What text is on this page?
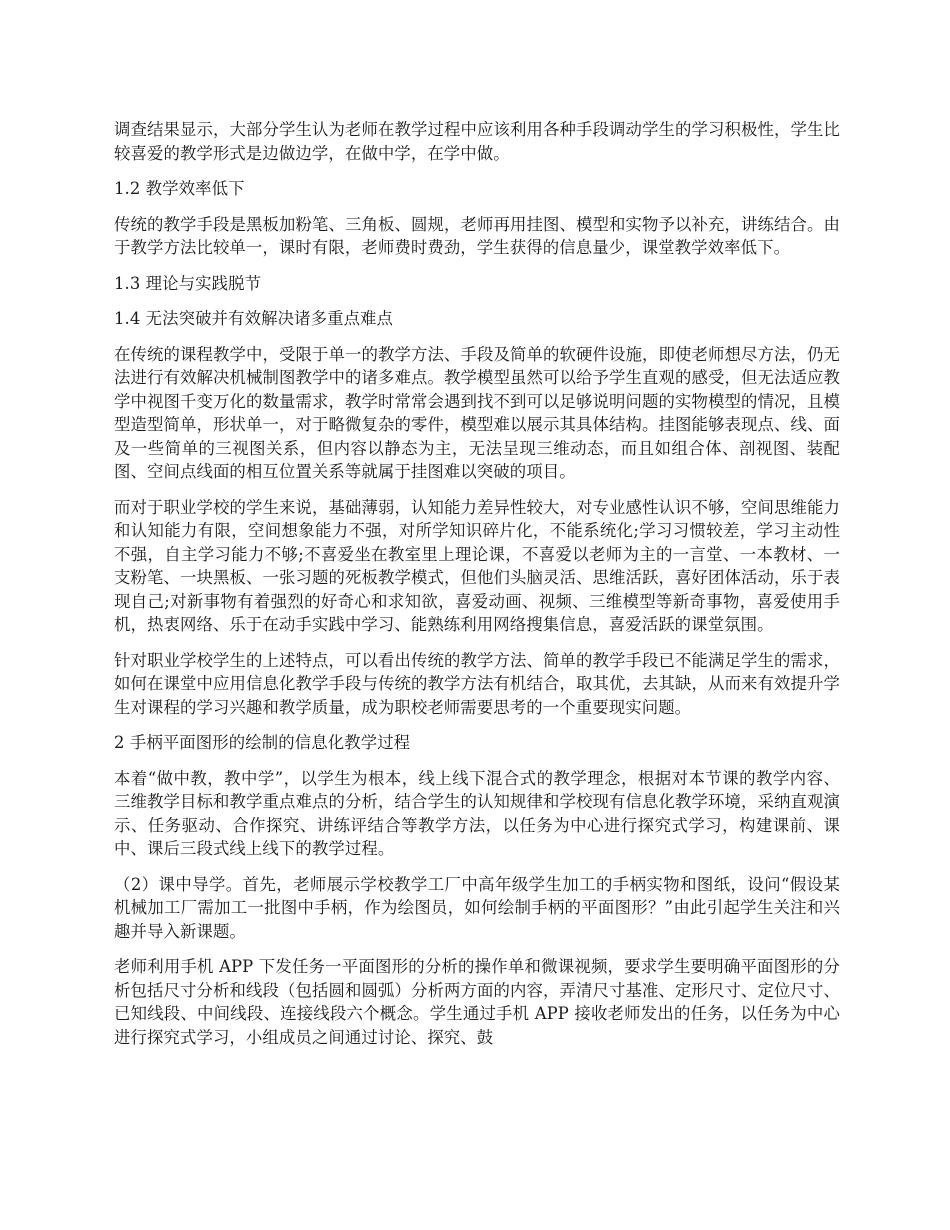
调查结果显示，大部分学生认为老师在教学过程中应该利用各种手段调动学生的学习积极性，学生比较喜爱的教学形式是边做边学，在做中学，在学中做。

1.2 教学效率低下

传统的教学手段是黑板加粉笔、三角板、圆规，老师再用挂图、模型和实物予以补充，讲练结合。由于教学方法比较单一，课时有限，老师费时费劲，学生获得的信息量少，课堂教学效率低下。

1.3 理论与实践脱节
1.4 无法突破并有效解决诸多重点难点

在传统的课程教学中，受限于单一的教学方法、手段及简单的软硬件设施，即使老师想尽方法，仍无法进行有效解决机械制图教学中的诸多难点。教学模型虽然可以给予学生直观的感受，但无法适应教学中视图千变万化的数量需求，教学时常常会遇到找不到可以足够说明问题的实物模型的情况，且模型造型简单，形状单一，对于略微复杂的零件，模型难以展示其具体结构。挂图能够表现点、线、面及一些简单的三视图关系，但内容以静态为主，无法呈现三维动态，而且如组合体、剖视图、装配图、空间点线面的相互位置关系等就属于挂图难以突破的项目。

而对于职业学校的学生来说，基础薄弱，认知能力差异性较大，对专业感性认识不够，空间思维能力和认知能力有限，空间想象能力不强，对所学知识碎片化，不能系统化;学习习惯较差，学习主动性不强，自主学习能力不够;不喜爱坐在教室里上理论课，不喜爱以老师为主的一言堂、一本教材、一支粉笔、一块黑板、一张习题的死板教学模式，但他们头脑灵活、思维活跃，喜好团体活动，乐于表现自己;对新事物有着强烈的好奇心和求知欲，喜爱动画、视频、三维模型等新奇事物，喜爱使用手机，热衷网络、乐于在动手实践中学习、能熟练利用网络搜集信息，喜爱活跃的课堂氛围。

针对职业学校学生的上述特点，可以看出传统的教学方法、简单的教学手段已不能满足学生的需求，如何在课堂中应用信息化教学手段与传统的教学方法有机结合，取其优，去其缺，从而来有效提升学生对课程的学习兴趣和教学质量，成为职校老师需要思考的一个重要现实问题。

2 手柄平面图形的绘制的信息化教学过程

本着“做中教，教中学”，以学生为根本，线上线下混合式的教学理念，根据对本节课的教学内容、三维教学目标和教学重点难点的分析，结合学生的认知规律和学校现有信息化教学环境，采纳直观演示、任务驱动、合作探究、讲练评结合等教学方法，以任务为中心进行探究式学习，构建课前、课中、课后三段式线上线下的教学过程。

（2）课中导学。首先，老师展示学校教学工厂中高年级学生加工的手柄实物和图纸，设问“假设某机械加工厂需加工一批图中手柄，作为绘图员，如何绘制手柄的平面图形？”由此引起学生关注和兴趣并导入新课题。

老师利用手机 APP 下发任务一平面图形的分析的操作单和微课视频，要求学生要明确平面图形的分析包括尺寸分析和线段（包括圆和圆弧）分析两方面的内容，弄清尺寸基准、定形尺寸、定位尺寸、已知线段、中间线段、连接线段六个概念。学生通过手机 APP 接收老师发出的任务，以任务为中心进行探究式学习，小组成员之间通过讨论、探究、鼓
